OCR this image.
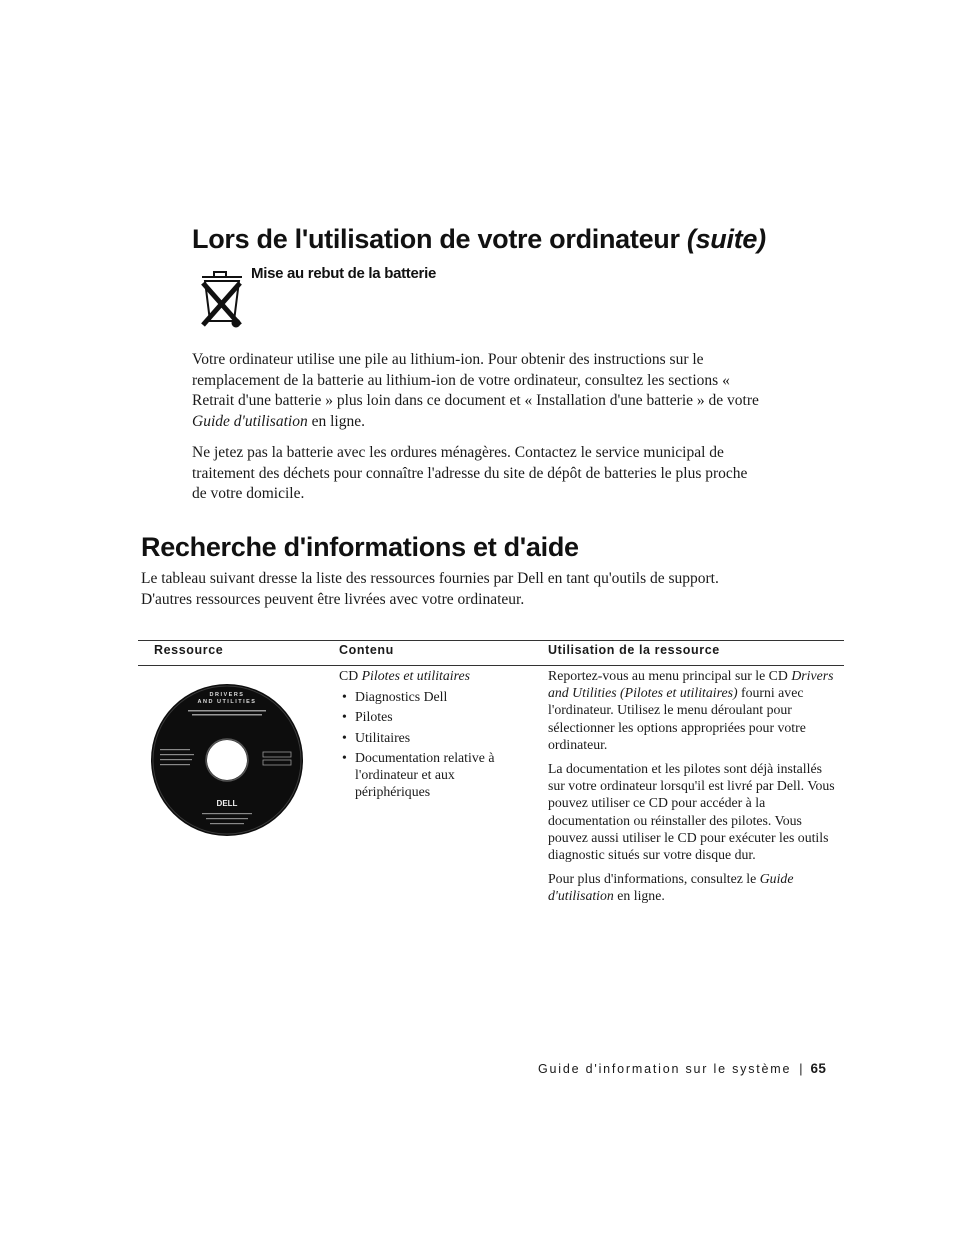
Lors de l'utilisation de votre ordinateur (suite)
Mise au rebut de la batterie
Votre ordinateur utilise une pile au lithium-ion. Pour obtenir des instructions sur le remplacement de la batterie au lithium-ion de votre ordinateur, consultez les sections « Retrait d'une batterie » plus loin dans ce document et « Installation d'une batterie » de votre Guide d'utilisation en ligne.
Ne jetez pas la batterie avec les ordures ménagères. Contactez le service municipal de traitement des déchets pour connaître l'adresse du site de dépôt de batteries le plus proche de votre domicile.
Recherche d'informations et d'aide
Le tableau suivant dresse la liste des ressources fournies par Dell en tant qu'outils de support. D'autres ressources peuvent être livrées avec votre ordinateur.
Ressource	Contenu	Utilisation de la ressource
DRIVERS
AND UTILITIES
DELL
CD Pilotes et utilitaires
• Diagnostics Dell
• Pilotes
• Utilitaires
• Documentation relative à l'ordinateur et aux périphériques

Reportez-vous au menu principal sur le CD Drivers and Utilities (Pilotes et utilitaires) fourni avec l'ordinateur. Utilisez le menu déroulant pour sélectionner les options appropriées pour votre ordinateur.

La documentation et les pilotes sont déjà installés sur votre ordinateur lorsqu'il est livré par Dell. Vous pouvez utiliser ce CD pour accéder à la documentation ou réinstaller des pilotes. Vous pouvez aussi utiliser le CD pour exécuter les outils diagnostic situés sur votre disque dur.

Pour plus d'informations, consultez le Guide d'utilisation en ligne.

Guide d'information sur le système | 65
